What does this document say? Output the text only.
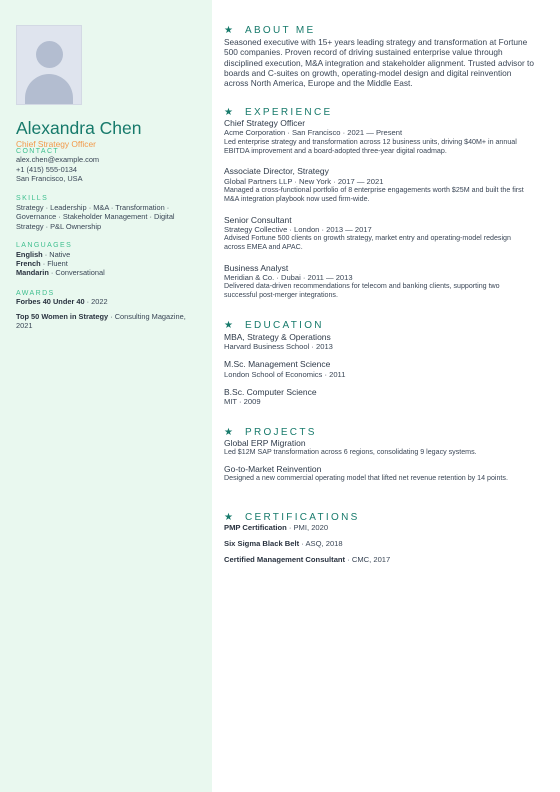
Alexandra Chen
Chief Strategy Officer
CONTACT
alex.chen@example.com
+1 (415) 555-0134
San Francisco, USA
SKILLS
Strategy · Leadership · M&A · Transformation · Governance · Stakeholder Management · Digital Strategy · P&L Ownership
LANGUAGES
English · Native
French · Fluent
Mandarin · Conversational
AWARDS
Forbes 40 Under 40 · 2022
Top 50 Women in Strategy · Consulting Magazine, 2021
★ ABOUT ME
Seasoned executive with 15+ years leading strategy and transformation at Fortune 500 companies. Proven record of driving sustained enterprise value through disciplined execution, M&A integration and stakeholder alignment. Trusted advisor to boards and C-suites on growth, operating-model design and digital reinvention across North America, Europe and the Middle East.
★ EXPERIENCE
Chief Strategy Officer
Acme Corporation · San Francisco · 2021 — Present
Led enterprise strategy and transformation across 12 business units, driving $40M+ in annual EBITDA improvement and a board-adopted three-year digital roadmap.
Associate Director, Strategy
Global Partners LLP · New York · 2017 — 2021
Managed a cross-functional portfolio of 8 enterprise engagements worth $25M and built the first M&A integration playbook now used firm-wide.
Senior Consultant
Strategy Collective · London · 2013 — 2017
Advised Fortune 500 clients on growth strategy, market entry and operating-model redesign across EMEA and APAC.
Business Analyst
Meridian & Co. · Dubai · 2011 — 2013
Delivered data-driven recommendations for telecom and banking clients, supporting two successful post-merger integrations.
★ EDUCATION
MBA, Strategy & Operations
Harvard Business School · 2013
M.Sc. Management Science
London School of Economics · 2011
B.Sc. Computer Science
MIT · 2009
★ PROJECTS
Global ERP Migration
Led $12M SAP transformation across 6 regions, consolidating 9 legacy systems.
Go-to-Market Reinvention
Designed a new commercial operating model that lifted net revenue retention by 14 points.
★ CERTIFICATIONS
PMP Certification · PMI, 2020
Six Sigma Black Belt · ASQ, 2018
Certified Management Consultant · CMC, 2017
